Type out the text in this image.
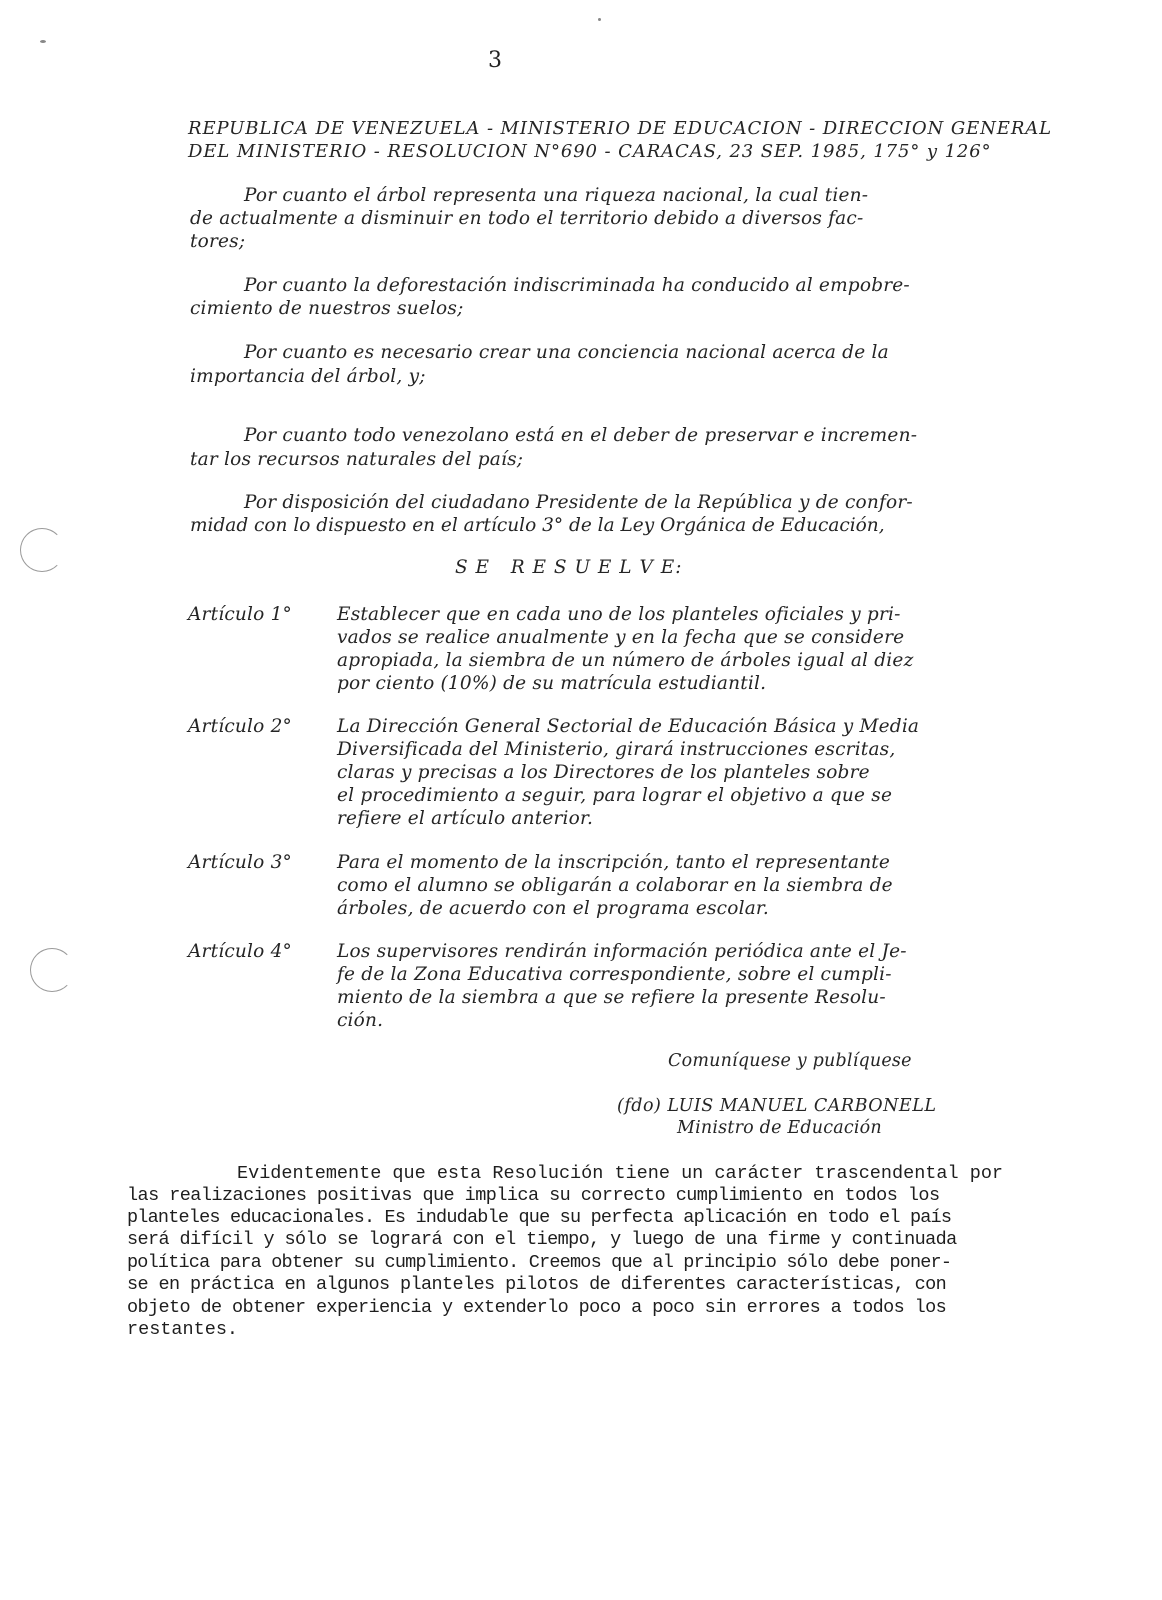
3
REPUBLICA DE VENEZUELA - MINISTERIO DE EDUCACION - DIRECCION GENERAL
DEL MINISTERIO - RESOLUCION N°690 - CARACAS, 23 SEP. 1985, 175° y 126°
Por cuanto el árbol representa una riqueza nacional, la cual tien-
de actualmente a disminuir en todo el territorio debido a diversos fac-
tores;
Por cuanto la deforestación indiscriminada ha conducido al empobre-
cimiento de nuestros suelos;
Por cuanto es necesario crear una conciencia nacional acerca de la
importancia del árbol, y;
Por cuanto todo venezolano está en el deber de preservar e incremen-
tar los recursos naturales del país;
Por disposición del ciudadano Presidente de la República y de confor-
midad con lo dispuesto en el artículo 3° de la Ley Orgánica de Educación,
S E   R E S U E L V E:
Artículo 1° Establecer que en cada uno de los planteles oficiales y pri-
vados se realice anualmente y en la fecha que se considere
apropiada, la siembra de un número de árboles igual al diez
por ciento (10%) de su matrícula estudiantil.
Artículo 2° La Dirección General Sectorial de Educación Básica y Media
Diversificada del Ministerio, girará instrucciones escritas,
claras y precisas a los Directores de los planteles sobre
el procedimiento a seguir, para lograr el objetivo a que se
refiere el artículo anterior.
Artículo 3° Para el momento de la inscripción, tanto el representante
como el alumno se obligarán a colaborar en la siembra de
árboles, de acuerdo con el programa escolar.
Artículo 4° Los supervisores rendirán información periódica ante el Je-
fe de la Zona Educativa correspondiente, sobre el cumpli-
miento de la siembra a que se refiere la presente Resolu-
ción.
Comuníquese y publíquese
(fdo) LUIS MANUEL CARBONELL
Ministro de Educación
Evidentemente que esta Resolución tiene un carácter trascendental por
las realizaciones positivas que implica su correcto cumplimiento en todos los
planteles educacionales. Es indudable que su perfecta aplicación en todo el país
será difícil y sólo se logrará con el tiempo, y luego de una firme y continuada
política para obtener su cumplimiento. Creemos que al principio sólo debe poner-
se en práctica en algunos planteles pilotos de diferentes características, con
objeto de obtener experiencia y extenderlo poco a poco sin errores a todos los
restantes.
